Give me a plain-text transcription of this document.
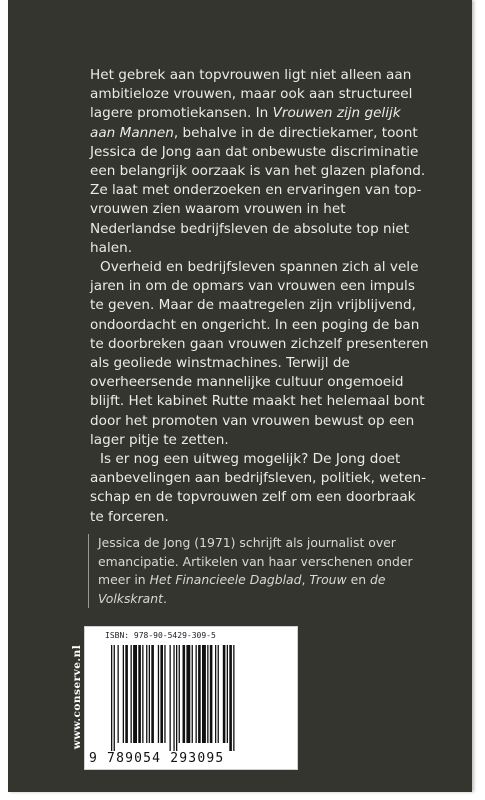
Het gebrek aan topvrouwen ligt niet alleen aan ambitieloze vrouwen, maar ook aan structureel lagere promotiekansen. In Vrouwen zijn gelijk aan Mannen, behalve in de directiekamer, toont Jessica de Jong aan dat onbewuste discriminatie een belangrijk oorzaak is van het glazen plafond. Ze laat met onderzoeken en ervaringen van top-vrouwen zien waarom vrouwen in het Nederlandse bedrijfsleven de absolute top niet halen.

Overheid en bedrijfsleven spannen zich al vele jaren in om de opmars van vrouwen een impuls te geven. Maar de maatregelen zijn vrijblijvend, ondoordacht en ongericht. In een poging de ban te doorbreken gaan vrouwen zichzelf presenteren als geoliede winstmachines. Terwijl de overheersende mannelijke cultuur ongemoeid blijft. Het kabinet Rutte maakt het helemaal bont door het promoten van vrouwen bewust op een lager pitje te zetten.

Is er nog een uitweg mogelijk? De Jong doet aanbevelingen aan bedrijfsleven, politiek, weten-schap en de topvrouwen zelf om een doorbraak te forceren.

Jessica de Jong (1971) schrijft als journalist over emancipatie. Artikelen van haar verschenen onder meer in Het Financieele Dagblad, Trouw en de Volkskrant.

www.conserve.nl
ISBN: 978-90-5429-309-5
9 789054 293095
